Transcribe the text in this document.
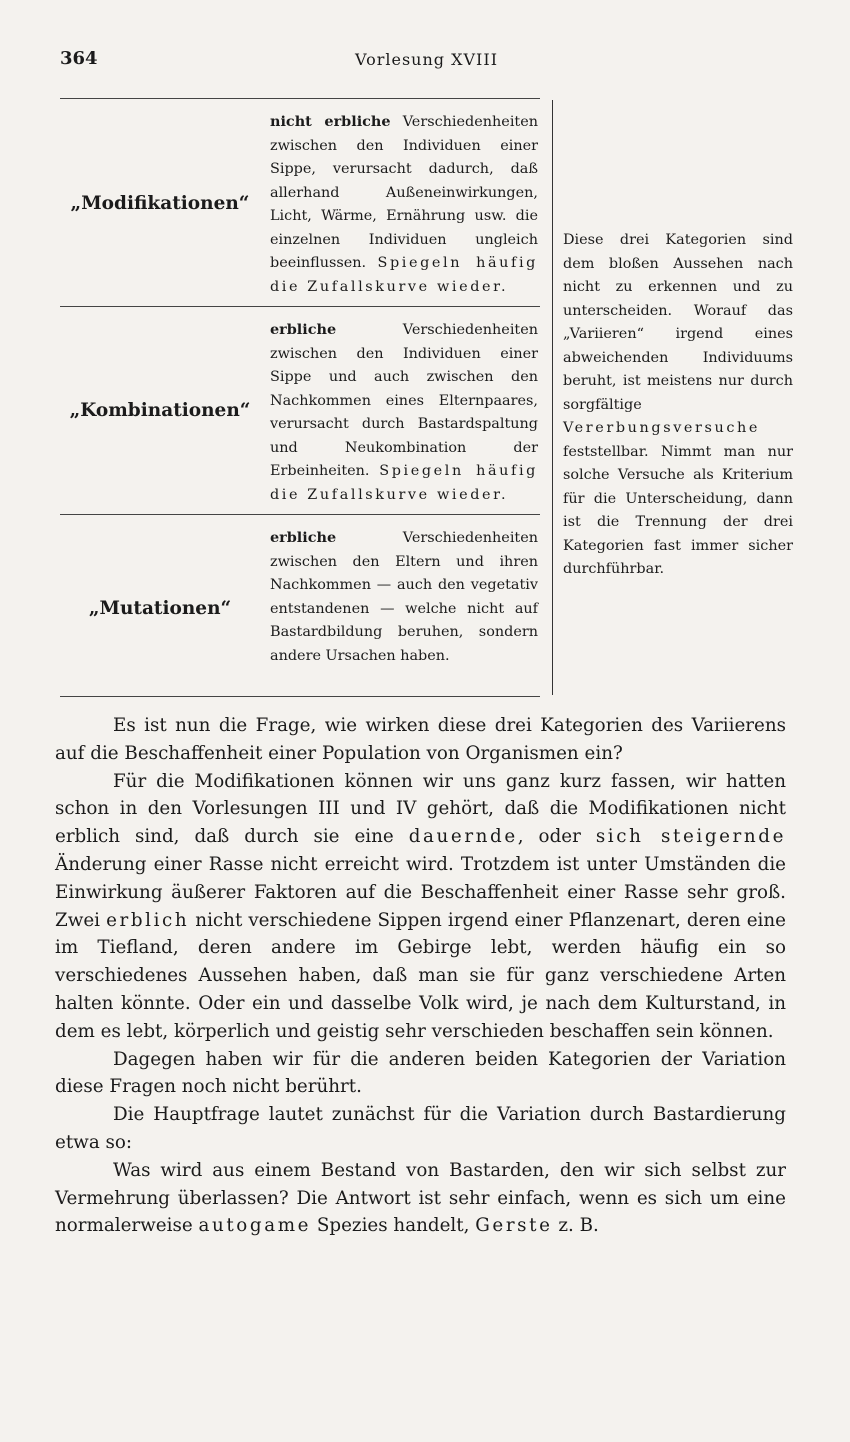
364	Vorlesung XVIII
„Modifikationen“
nicht erbliche Verschiedenheiten zwischen den Individuen einer Sippe, verursacht dadurch, daß allerhand Außeneinwirkungen, Licht, Wärme, Ernährung usw. die einzelnen Individuen ungleich beeinflussen. Spiegeln häufig die Zufallskurve wieder.
„Kombinationen“
erbliche Verschiedenheiten zwischen den Individuen einer Sippe und auch zwischen den Nachkommen eines Elternpaares, verursacht durch Bastardspaltung und Neukombination der Erbeinheiten. Spiegeln häufig die Zufallskurve wieder.
„Mutationen“
erbliche Verschiedenheiten zwischen den Eltern und ihren Nachkommen — auch den vegetativ entstandenen — welche nicht auf Bastardbildung beruhen, sondern andere Ursachen haben.
Diese drei Kategorien sind dem bloßen Aussehen nach nicht zu erkennen und zu unterscheiden. Worauf das „Variieren“ irgend eines abweichenden Individuums beruht, ist meistens nur durch sorgfältige Vererbungsversuche feststellbar. Nimmt man nur solche Versuche als Kriterium für die Unterscheidung, dann ist die Trennung der drei Kategorien fast immer sicher durchführbar.

Es ist nun die Frage, wie wirken diese drei Kategorien des Variierens auf die Beschaffenheit einer Population von Organismen ein?

Für die Modifikationen können wir uns ganz kurz fassen, wir hatten schon in den Vorlesungen III und IV gehört, daß die Modifikationen nicht erblich sind, daß durch sie eine dauernde, oder sich steigernde Änderung einer Rasse nicht erreicht wird. Trotzdem ist unter Umständen die Einwirkung äußerer Faktoren auf die Beschaffenheit einer Rasse sehr groß. Zwei erblich nicht verschiedene Sippen irgend einer Pflanzenart, deren eine im Tiefland, deren andere im Gebirge lebt, werden häufig ein so verschiedenes Aussehen haben, daß man sie für ganz verschiedene Arten halten könnte. Oder ein und dasselbe Volk wird, je nach dem Kulturstand, in dem es lebt, körperlich und geistig sehr verschieden beschaffen sein können.

Dagegen haben wir für die anderen beiden Kategorien der Variation diese Fragen noch nicht berührt.

Die Hauptfrage lautet zunächst für die Variation durch Bastardierung etwa so:

Was wird aus einem Bestand von Bastarden, den wir sich selbst zur Vermehrung überlassen? Die Antwort ist sehr einfach, wenn es sich um eine normalerweise autogame Spezies handelt, Gerste z. B.
